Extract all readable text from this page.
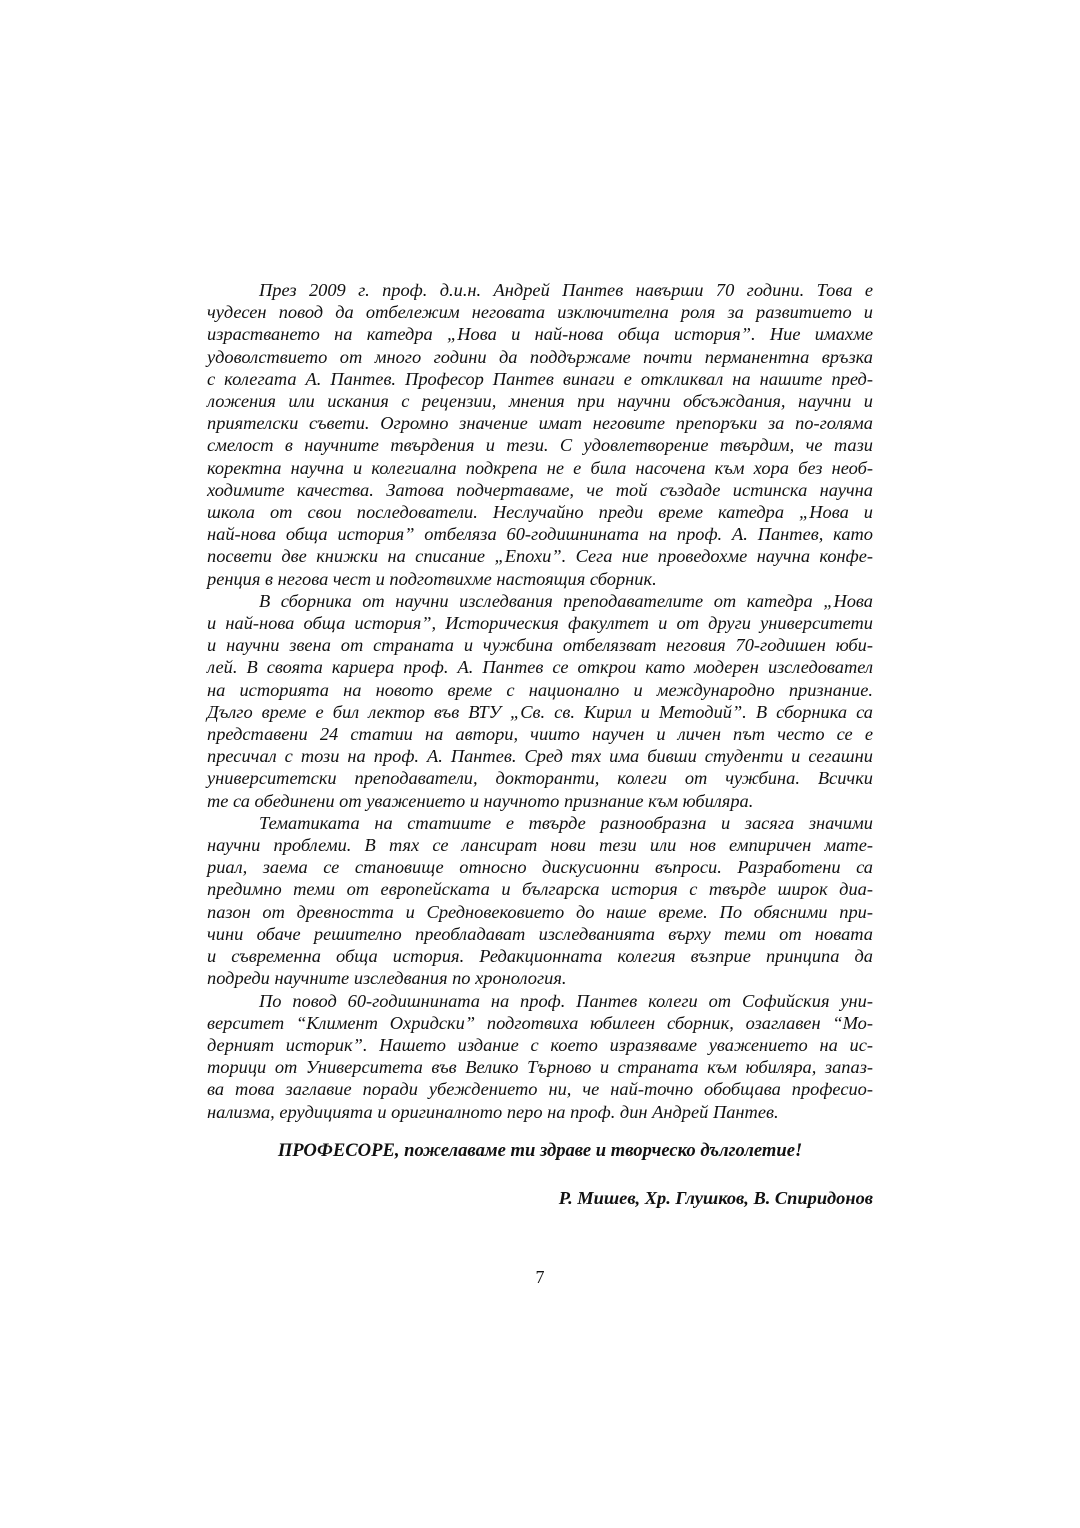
През 2009 г. проф. д.и.н. Андрей Пантев навърши 70 години. Това е
чудесен повод да отбележим неговата изключителна роля за развитието и
израстването на катедра „Нова и най-нова обща история”. Ние имахме
удоволствието от много години да поддържаме почти перманентна връзка
с колегата А. Пантев. Професор Пантев винаги е откликвал на нашите пред-
ложения или искания с рецензии, мнения при научни обсъждания, научни и
приятелски съвети. Огромно значение имат неговите препоръки за по-голяма
смелост в научните твърдения и тези. С удовлетворение твърдим, че тази
коректна научна и колегиална подкрепа не е била насочена към хора без необ-
ходимите качества. Затова подчертаваме, че той създаде истинска научна
школа от свои последователи. Неслучайно преди време катедра „Нова и
най-нова обща история” отбеляза 60-годишнината на проф. А. Пантев, като
посвети две книжки на списание „Епохи”. Сега ние проведохме научна конфе-
ренция в негова чест и подготвихме настоящия сборник.
В сборника от научни изследвания преподавателите от катедра „Нова
и най-нова обща история”, Историческия факултет и от други университети
и научни звена от страната и чужбина отбелязват неговия 70-годишен юби-
лей. В своята кариера проф. А. Пантев се открои като модерен изследовател
на историята на новото време с национално и международно признание.
Дълго време е бил лектор във ВТУ „Св. св. Кирил и Методий”. В сборника са
представени 24 статии на автори, чиито научен и личен път често се е
пресичал с този на проф. А. Пантев. Сред тях има бивши студенти и сегашни
университетски преподаватели, докторанти, колеги от чужбина. Всички
те са обединени от уважението и научното признание към юбиляра.
Тематиката на статиите е твърде разнообразна и засяга значими
научни проблеми. В тях се лансират нови тези или нов емпиричен мате-
риал, заема се становище относно дискусионни въпроси. Разработени са
предимно теми от европейската и българска история с твърде широк диа-
пазон от древността и Средновековието до наше време. По обясними при-
чини обаче решително преобладават изследванията върху теми от новата
и съвременна обща история. Редакционната колегия възприе принципа да
подреди научните изследвания по хронология.
По повод 60-годишнината на проф. Пантев колеги от Софийския уни-
верситет “Климент Охридски” подготвиха юбилеен сборник, озаглавен “Мо-
дерният историк”. Нашето издание с което изразяваме уважението на ис-
торици от Университета във Велико Търново и страната към юбиляра, запаз-
ва това заглавие поради убеждението ни, че най-точно обобщава професио-
нализма, ерудицията и оригиналното перо на проф. дин Андрей Пантев.
ПРОФЕСОРЕ, пожелаваме ти здраве и творческо дълголетие!
Р. Мишев, Хр. Глушков, В. Спиридонов
7
